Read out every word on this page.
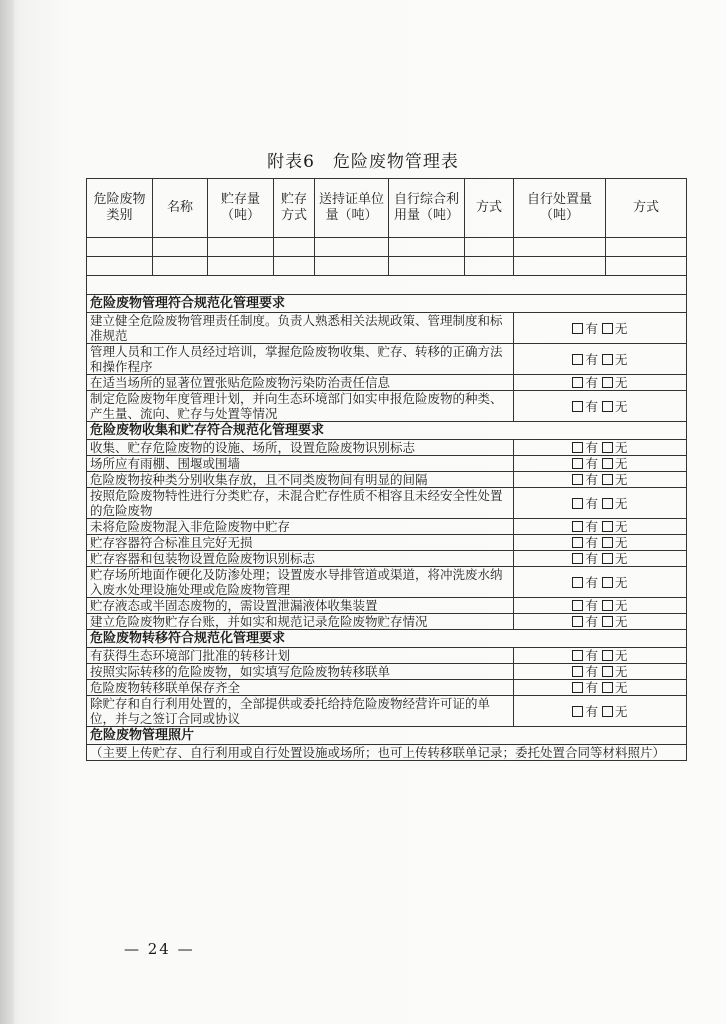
附表6　危险废物管理表
危险废物类别	名称	贮存量（吨）	贮存方式	送持证单位量（吨）	自行综合利用量（吨）	方式	自行处置量（吨）	方式

危险废物管理符合规范化管理要求								
建立健全危险废物管理责任制度。负责人熟悉相关法规政策、管理制度和标准规范							有 无	
管理人员和工作人员经过培训，掌握危险废物收集、贮存、转移的正确方法和操作程序							有 无	
在适当场所的显著位置张贴危险废物污染防治责任信息							有 无	
制定危险废物年度管理计划，并向生态环境部门如实申报危险废物的种类、产生量、流向、贮存与处置等情况							有 无	
危险废物收集和贮存符合规范化管理要求								
收集、贮存危险废物的设施、场所，设置危险废物识别标志							有 无	
场所应有雨棚、围堰或围墙							有 无	
危险废物按种类分别收集存放，且不同类废物间有明显的间隔							有 无	
按照危险废物特性进行分类贮存，未混合贮存性质不相容且未经安全性处置的危险废物							有 无	
未将危险废物混入非危险废物中贮存							有 无	
贮存容器符合标准且完好无损							有 无	
贮存容器和包装物设置危险废物识别标志							有 无	
贮存场所地面作硬化及防渗处理；设置废水导排管道或渠道，将冲洗废水纳入废水处理设施处理或危险废物管理							有 无	
贮存液态或半固态废物的，需设置泄漏液体收集装置							有 无	
建立危险废物贮存台账，并如实和规范记录危险废物贮存情况							有 无	
危险废物转移符合规范化管理要求								
有获得生态环境部门批准的转移计划							有 无	
按照实际转移的危险废物，如实填写危险废物转移联单							有 无	
危险废物转移联单保存齐全							有 无	
除贮存和自行利用处置的，全部提供或委托给持危险废物经营许可证的单位，并与之签订合同或协议							有 无	
危险废物管理照片								
（主要上传贮存、自行利用或自行处置设施或场所；也可上传转移联单记录；委托处置合同等材料照片）								
— 24 —
